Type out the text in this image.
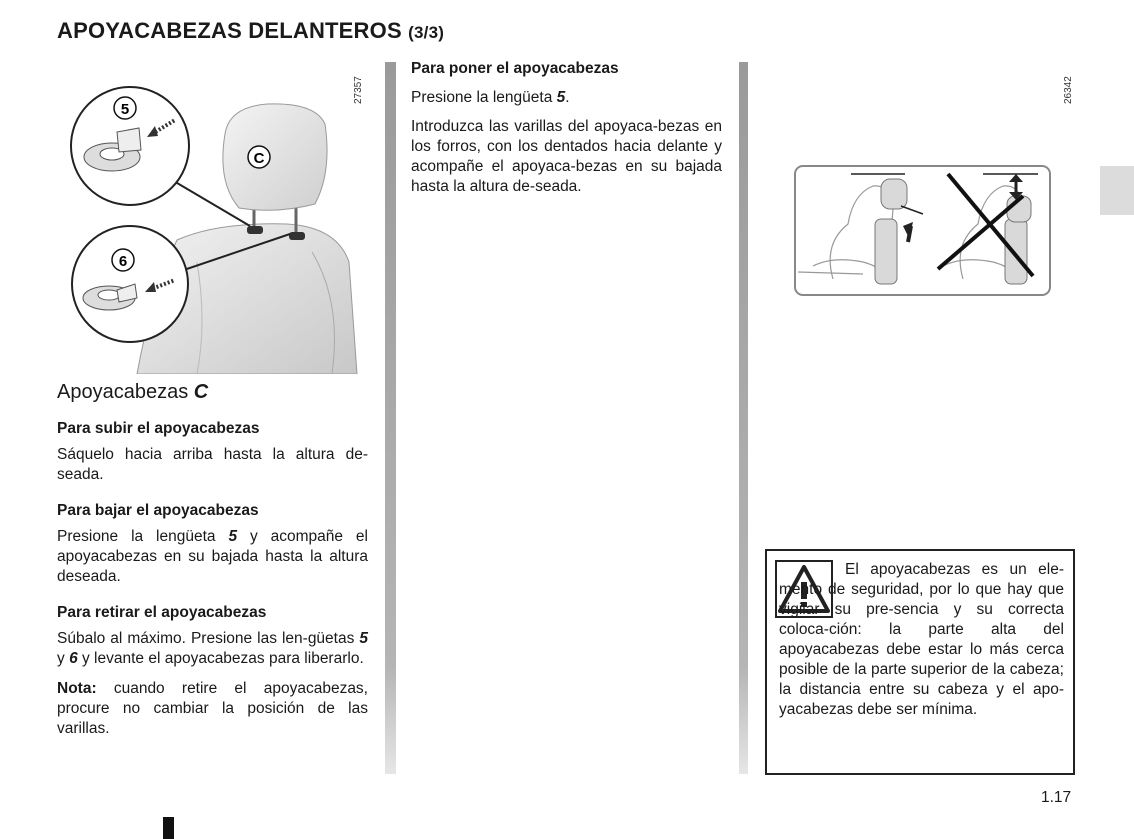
APOYACABEZAS DELANTEROS (3/3)
C
5
6
27357
Apoyacabezas C

Para subir el apoyacabezas

Sáquelo hacia arriba hasta la altura de-seada.

Para bajar el apoyacabezas

Presione la lengüeta 5 y acompañe el apoyacabezas en su bajada hasta la altura deseada.

Para retirar el apoyacabezas

Súbalo al máximo. Presione las len-güetas 5 y 6 y levante el apoyacabezas para liberarlo.

Nota: cuando retire el apoyacabezas, procure no cambiar la posición de las varillas.

Para poner el apoyacabezas

Presione la lengüeta 5.

Introduzca las varillas del apoyaca-bezas en los forros, con los dentados hacia delante y acompañe el apoyaca-bezas en su bajada hasta la altura de-seada.

26342
El apoyacabezas es un ele-mento de seguridad, por lo que hay que vigilar su pre-sencia y su correcta coloca-ción: la parte alta del apoyacabezas debe estar lo más cerca posible de la parte superior de la cabeza; la distancia entre su cabeza y el apo-yacabezas debe ser mínima.
1.17
